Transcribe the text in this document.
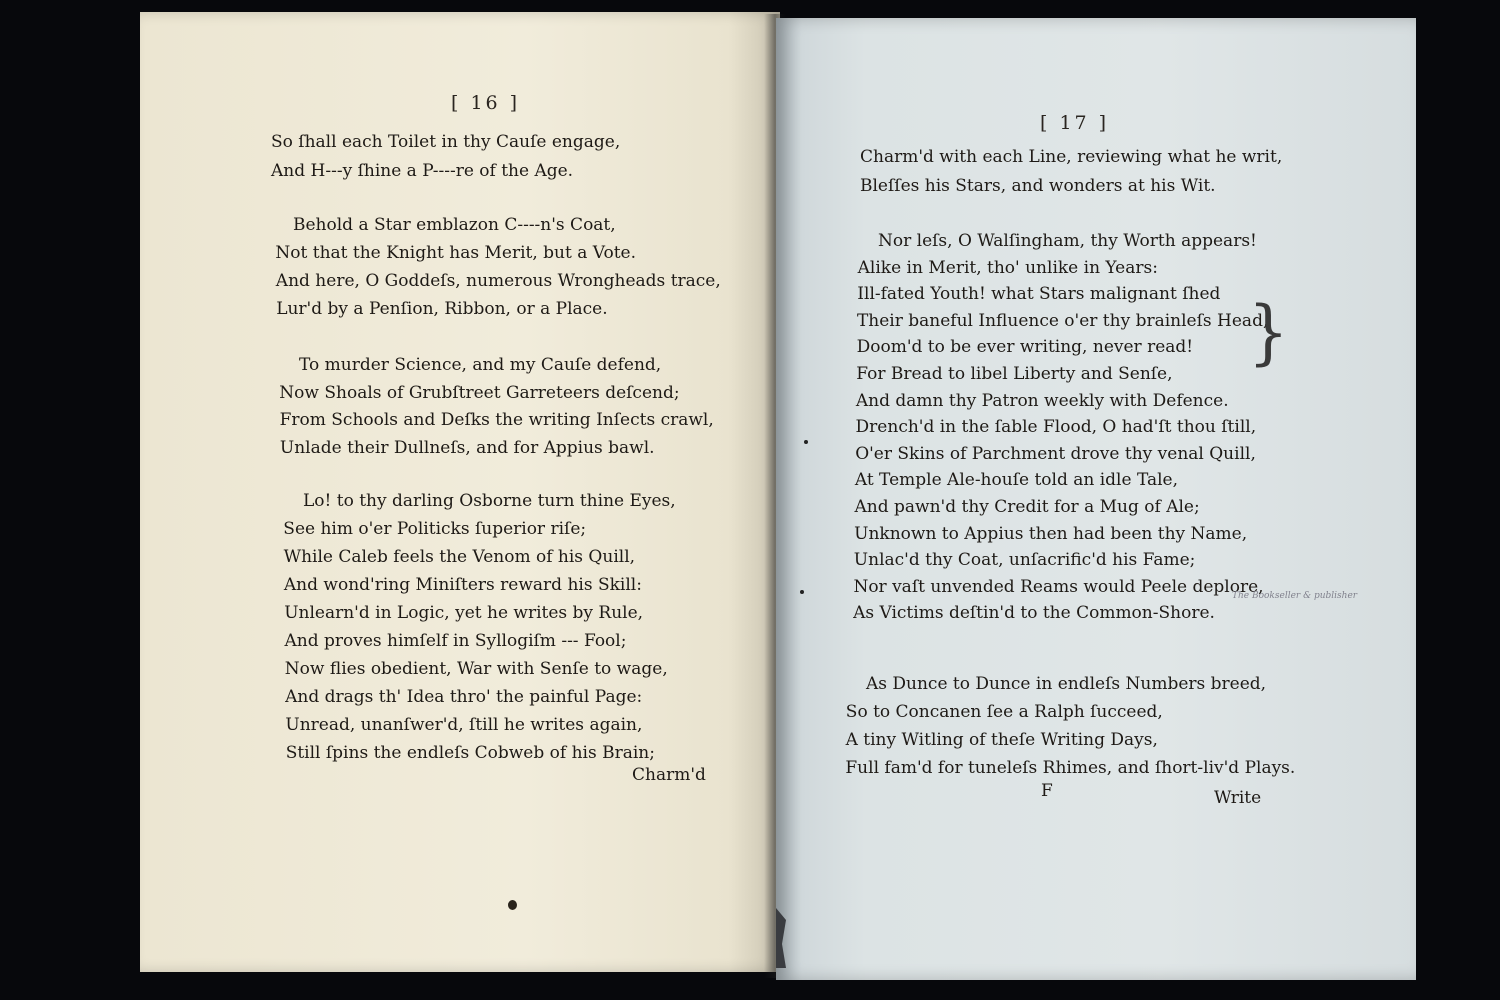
[ 16 ]
So ſhall each Toilet in thy Cauſe engage,
And H---y ſhine a P----re of the Age.
Behold a Star emblazon C----n's Coat,
Not that the Knight has Merit, but a Vote.
And here, O Goddeſs, numerous Wrongheads trace,
Lur'd by a Penſion, Ribbon, or a Place.
To murder Science, and my Cauſe defend,
Now Shoals of Grubſtreet Garreteers deſcend;
From Schools and Deſks the writing Inſects crawl,
Unlade their Dullneſs, and for Appius bawl.
Lo! to thy darling Osborne turn thine Eyes,
See him o'er Politicks ſuperior riſe;
While Caleb feels the Venom of his Quill,
And wond'ring Miniſters reward his Skill:
Unlearn'd in Logic, yet he writes by Rule,
And proves himſelf in Syllogiſm --- Fool;
Now flies obedient, War with Senſe to wage,
And drags th' Idea thro' the painful Page:
Unread, unanſwer'd, ſtill he writes again,
Still ſpins the endleſs Cobweb of his Brain;
Charm'd
[ 17 ]
Charm'd with each Line, reviewing what he writ,
Bleſſes his Stars, and wonders at his Wit.
Nor leſs, O Walſingham, thy Worth appears!
Alike in Merit, tho' unlike in Years:
Ill-fated Youth! what Stars malignant ſhed
Their baneful Influence o'er thy brainleſs Head,
Doom'd to be ever writing, never read!
For Bread to libel Liberty and Senſe,
And damn thy Patron weekly with Defence.
Drench'd in the ſable Flood, O had'ſt thou ſtill,
O'er Skins of Parchment drove thy venal Quill,
At Temple Ale-houſe told an idle Tale,
And pawn'd thy Credit for a Mug of Ale;
Unknown to Appius then had been thy Name,
Unlac'd thy Coat, unſacrific'd his Fame;
Nor vaſt unvended Reams would Peele deplore,
As Victims deſtin'd to the Common-Shore.
As Dunce to Dunce in endleſs Numbers breed,
So to Concanen ſee a Ralph ſucceed,
A tiny Witling of theſe Writing Days,
Full fam'd for tuneleſs Rhimes, and ſhort-liv'd Plays.
}
The Bookseller & publisher
F	Write
